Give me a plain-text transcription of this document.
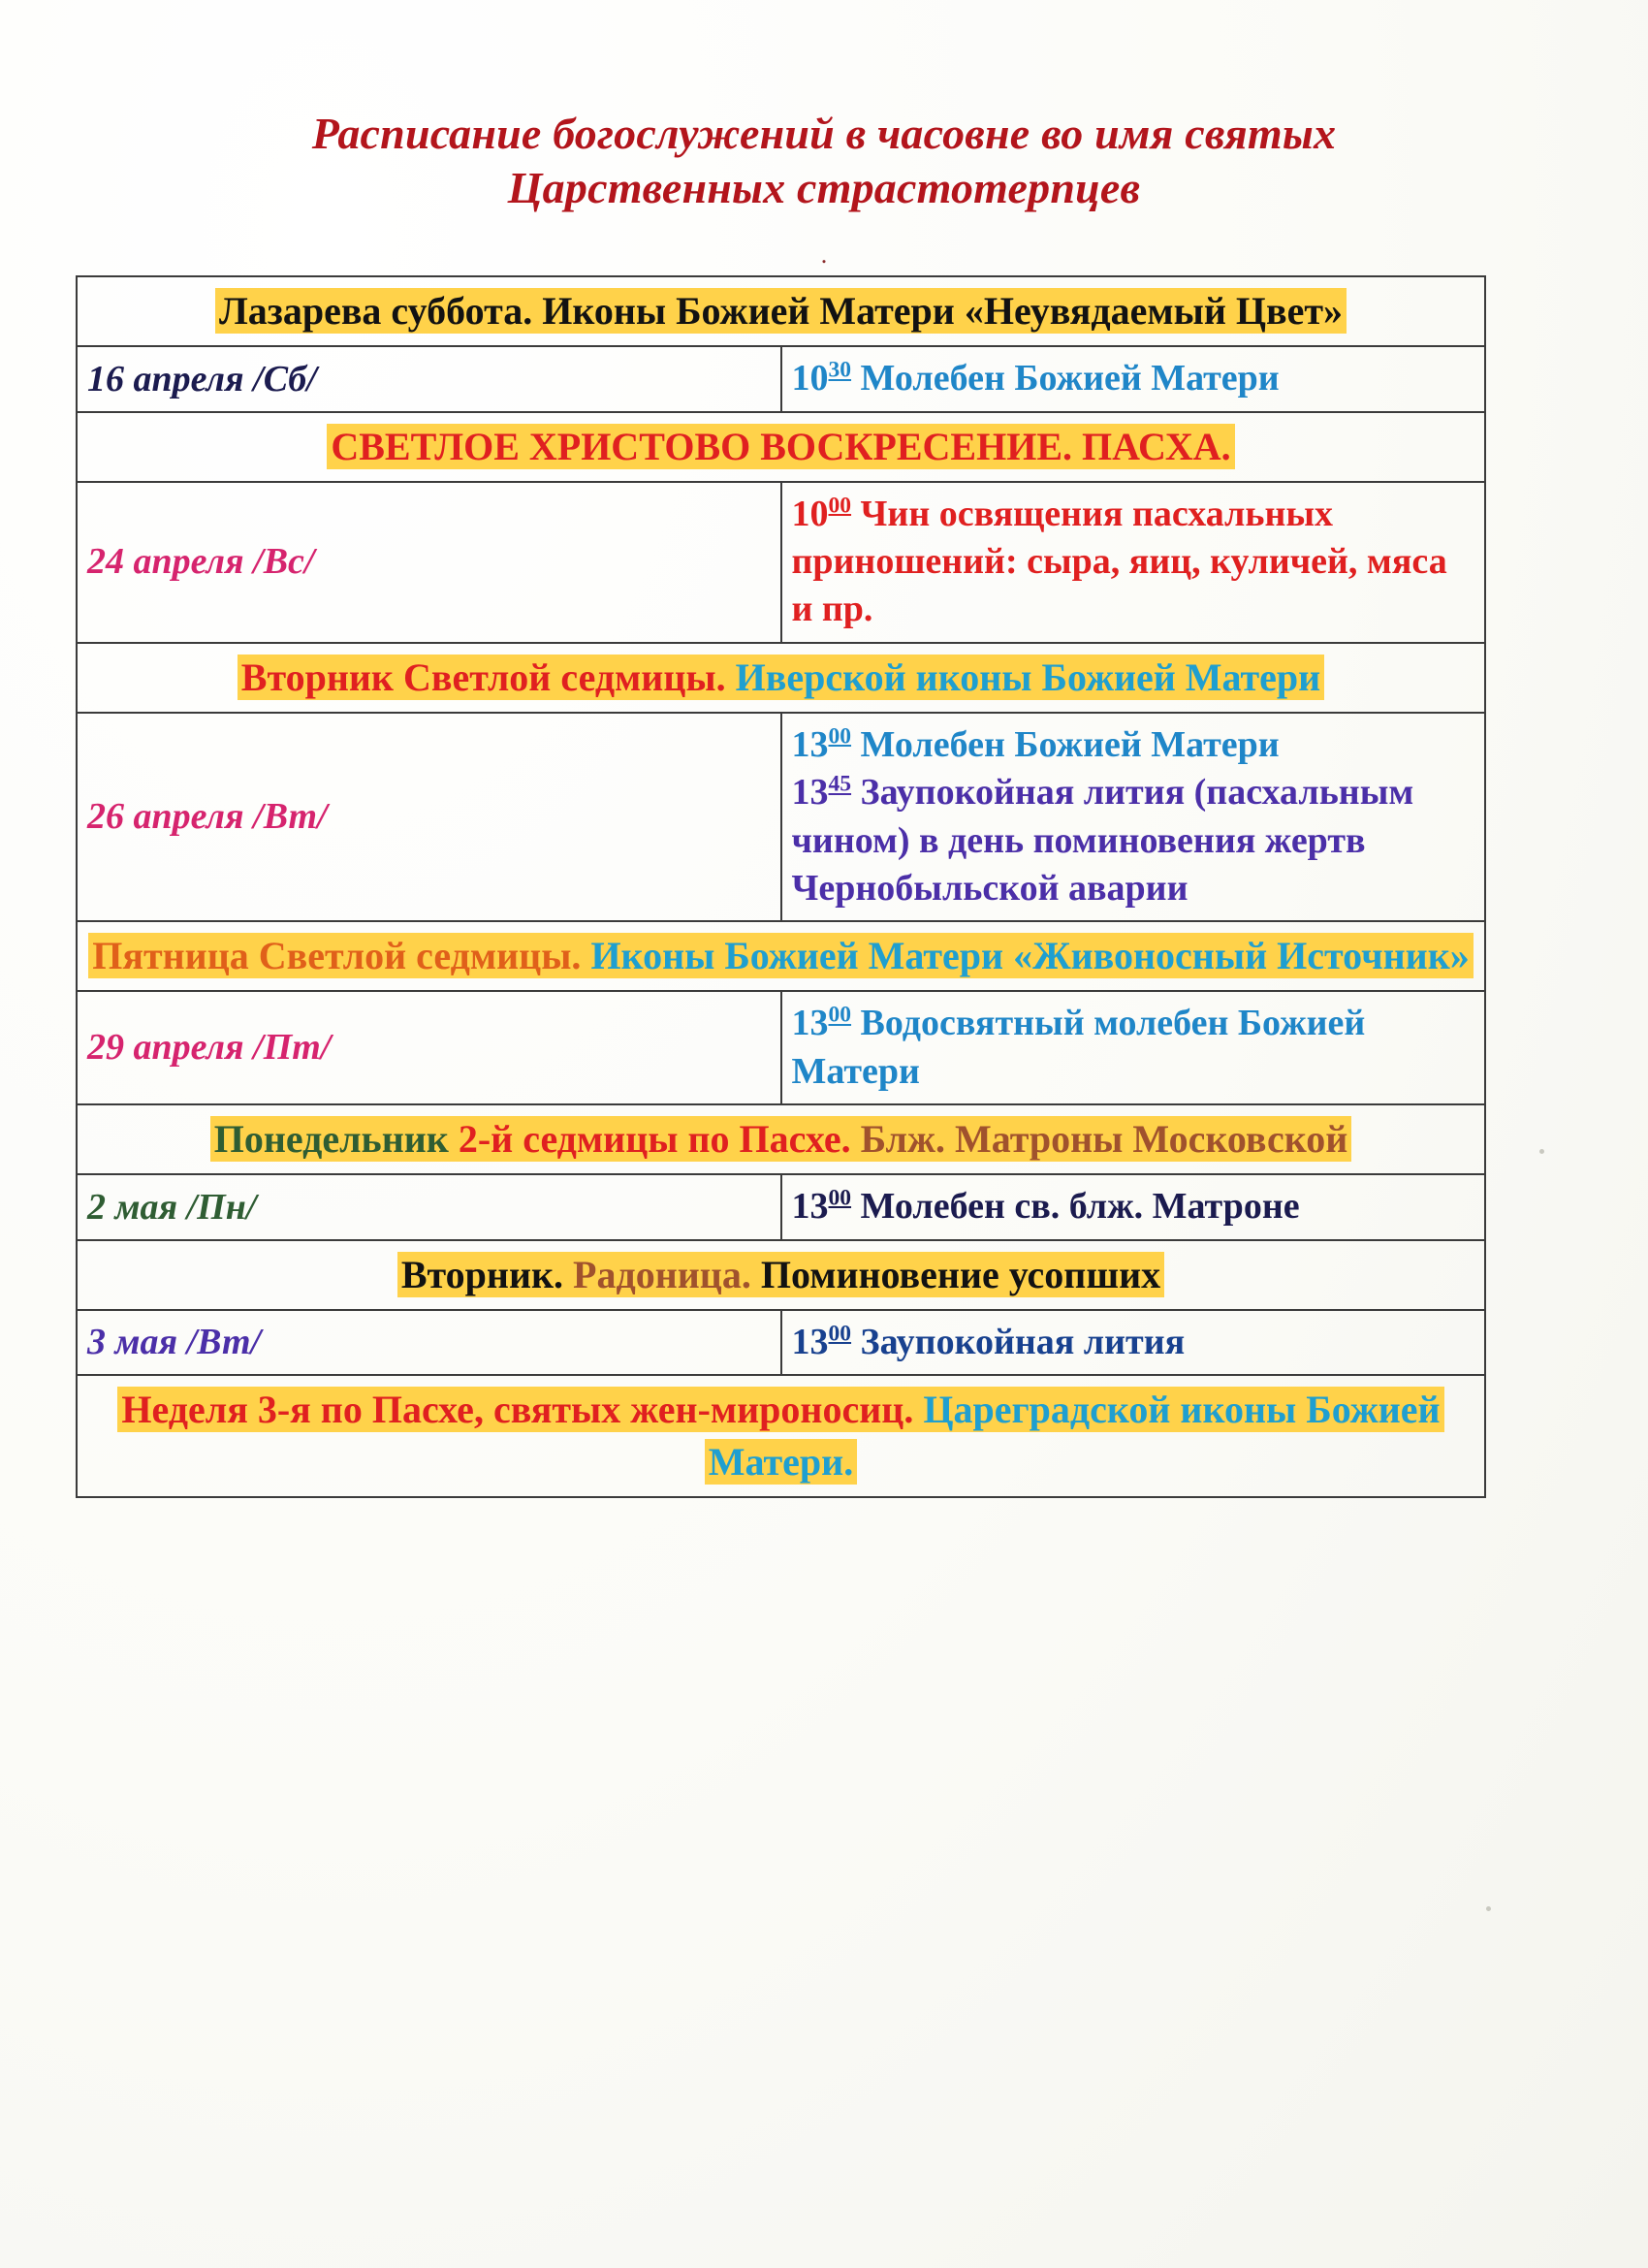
Расписание богослужений в часовне во имя святых
Царственных страстотерпцев
.
Лазарева суббота. Иконы Божией Матери «Неувядаемый Цвет»	
16 апреля /Сб/	$10^{30}$ Молебен Божией Матери

СВЕТЛОЕ ХРИСТОВО ВОСКРЕСЕНИЕ. ПАСХА.	
24 апреля /Вс/	$10^{00}$ Чин освящения пасхальных приношений: сыра, яиц, куличей, мяса и пр.

Вторник Светлой седмицы. Иверской иконы Божией Матери	
26 апреля /Вт/	$13^{00}$ Молебен Божией Матери
$13^{45}$ Заупокойная лития (пасхальным чином) в день поминовения жертв Чернобыльской аварии

Пятница Светлой седмицы. Иконы Божией Матери «Живоносный Источник»	
29 апреля /Пт/	$13^{00}$ Водосвятный молебен Божией Матери

Понедельник 2-й седмицы по Пасхе. Блж. Матроны Московской	
2 мая /Пн/	$13^{00}$ Молебен св. блж. Матроне

Вторник. Радоница. Поминовение усопших	
3 мая /Вт/	$13^{00}$ Заупокойная лития

Неделя 3-я по Пасхе, святых жен-мироносиц. Цареградской иконы Божией Матери.	
